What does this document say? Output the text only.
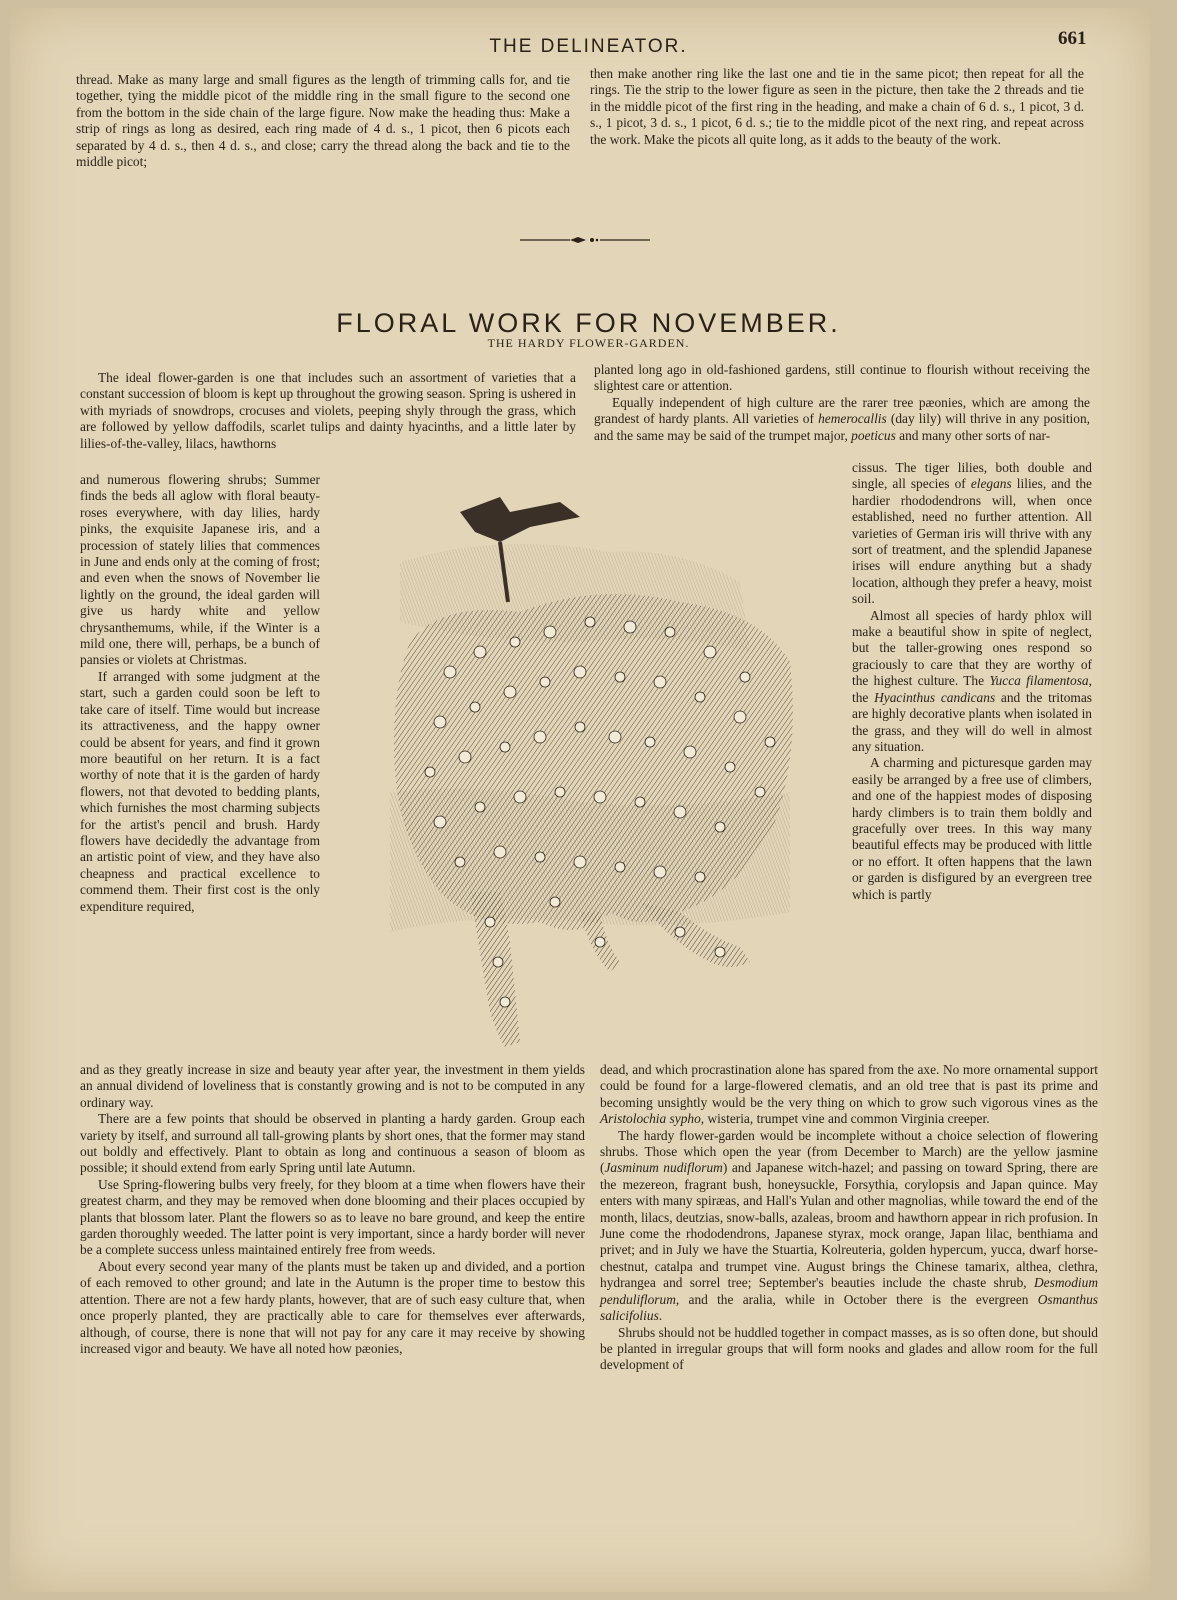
THE DELINEATOR.	661

thread. Make as many large and small figures as the length of trimming calls for, and tie together, tying the middle picot of the middle ring in the small figure to the second one from the bottom in the side chain of the large figure. Now make the heading thus: Make a strip of rings as long as desired, each ring made of 4 d. s., 1 picot, then 6 picots each separated by 4 d. s., then 4 d. s., and close; carry the thread along the back and tie to the middle picot;

then make another ring like the last one and tie in the same picot; then repeat for all the rings. Tie the strip to the lower figure as seen in the picture, then take the 2 threads and tie in the middle picot of the first ring in the heading, and make a chain of 6 d. s., 1 picot, 3 d. s., 1 picot, 3 d. s., 1 picot, 6 d. s.; tie to the middle picot of the next ring, and repeat across the work. Make the picots all quite long, as it adds to the beauty of the work.

FLORAL WORK FOR NOVEMBER.
THE HARDY FLOWER-GARDEN.

The ideal flower-garden is one that includes such an assortment of varieties that a constant succession of bloom is kept up throughout the growing season. Spring is ushered in with myriads of snowdrops, crocuses and violets, peeping shyly through the grass, which are followed by yellow daffodils, scarlet tulips and dainty hyacinths, and a little later by lilies-of-the-valley, lilacs, hawthorns

and numerous flowering shrubs; Summer finds the beds all aglow with floral beauty-roses everywhere, with day lilies, hardy pinks, the exquisite Japanese iris, and a procession of stately lilies that commences in June and ends only at the coming of frost; and even when the snows of November lie lightly on the ground, the ideal garden will give us hardy white and yellow chrysanthemums, while, if the Winter is a mild one, there will, perhaps, be a bunch of pansies or violets at Christmas.

If arranged with some judgment at the start, such a garden could soon be left to take care of itself. Time would but increase its attractiveness, and the happy owner could be absent for years, and find it grown more beautiful on her return. It is a fact worthy of note that it is the garden of hardy flowers, not that devoted to bedding plants, which furnishes the most charming subjects for the artist's pencil and brush. Hardy flowers have decidedly the advantage from an artistic point of view, and they have also cheapness and practical excellence to commend them. Their first cost is the only expenditure required,

and as they greatly increase in size and beauty year after year, the investment in them yields an annual dividend of loveliness that is constantly growing and is not to be computed in any ordinary way.

There are a few points that should be observed in planting a hardy garden. Group each variety by itself, and surround all tall-growing plants by short ones, that the former may stand out boldly and effectively. Plant to obtain as long and continuous a season of bloom as possible; it should extend from early Spring until late Autumn.

Use Spring-flowering bulbs very freely, for they bloom at a time when flowers have their greatest charm, and they may be removed when done blooming and their places occupied by plants that blossom later. Plant the flowers so as to leave no bare ground, and keep the entire garden thoroughly weeded. The latter point is very important, since a hardy border will never be a complete success unless maintained entirely free from weeds.

About every second year many of the plants must be taken up and divided, and a portion of each removed to other ground; and late in the Autumn is the proper time to bestow this attention. There are not a few hardy plants, however, that are of such easy culture that, when once properly planted, they are practically able to care for themselves ever afterwards, although, of course, there is none that will not pay for any care it may receive by showing increased vigor and beauty. We have all noted how pæonies,

planted long ago in old-fashioned gardens, still continue to flourish without receiving the slightest care or attention.

Equally independent of high culture are the rarer tree pæonies, which are among the grandest of hardy plants. All varieties of hemerocallis (day lily) will thrive in any position, and the same may be said of the trumpet major, poeticus and many other sorts of nar-

cissus. The tiger lilies, both double and single, all species of elegans lilies, and the hardier rhododendrons will, when once established, need no further attention. All varieties of German iris will thrive with any sort of treatment, and the splendid Japanese irises will endure anything but a shady location, although they prefer a heavy, moist soil.

Almost all species of hardy phlox will make a beautiful show in spite of neglect, but the taller-growing ones respond so graciously to care that they are worthy of the highest culture. The Yucca filamentosa, the Hyacinthus candicans and the tritomas are highly decorative plants when isolated in the grass, and they will do well in almost any situation.

A charming and picturesque garden may easily be arranged by a free use of climbers, and one of the happiest modes of disposing hardy climbers is to train them boldly and gracefully over trees. In this way many beautiful effects may be produced with little or no effort. It often happens that the lawn or garden is disfigured by an evergreen tree which is partly

dead, and which procrastination alone has spared from the axe. No more ornamental support could be found for a large-flowered clematis, and an old tree that is past its prime and becoming unsightly would be the very thing on which to grow such vigorous vines as the Aristolochia sypho, wisteria, trumpet vine and common Virginia creeper.

The hardy flower-garden would be incomplete without a choice selection of flowering shrubs. Those which open the year (from December to March) are the yellow jasmine (Jasminum nudiflorum) and Japanese witch-hazel; and passing on toward Spring, there are the mezereon, fragrant bush, honeysuckle, Forsythia, corylopsis and Japan quince. May enters with many spiræas, and Hall's Yulan and other magnolias, while toward the end of the month, lilacs, deutzias, snow-balls, azaleas, broom and hawthorn appear in rich profusion. In June come the rhododendrons, Japanese styrax, mock orange, Japan lilac, benthiama and privet; and in July we have the Stuartia, Kolreuteria, golden hypercum, yucca, dwarf horse-chestnut, catalpa and trumpet vine. August brings the Chinese tamarix, althea, clethra, hydrangea and sorrel tree; September's beauties include the chaste shrub, Desmodium penduliflorum, and the aralia, while in October there is the evergreen Osmanthus salicifolius.

Shrubs should not be huddled together in compact masses, as is so often done, but should be planted in irregular groups that will form nooks and glades and allow room for the full development of
